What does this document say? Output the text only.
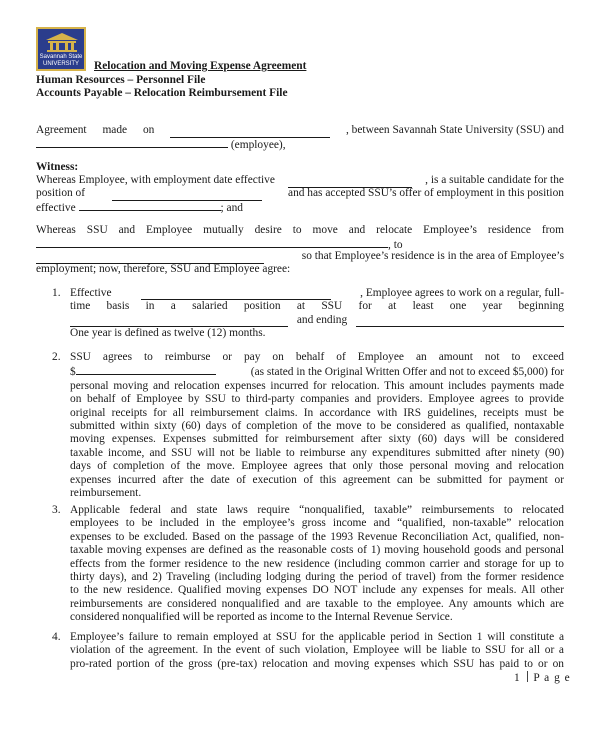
Savannah State
UNIVERSITY	Relocation and Moving Expense Agreement
Human Resources – Personnel File
Accounts Payable – Relocation Reimbursement File
Agreement made on	, between Savannah State University (SSU) and
(employee),
Witness:
Whereas Employee, with employment date effective	, is a suitable candidate for the
position of	and has accepted SSU’s offer of employment in this position
effective	; and
Whereas SSU and Employee mutually desire to move and relocate Employee’s residence from
, to
so that Employee’s residence is in the area of Employee’s
employment; now, therefore, SSU and Employee agree:
1. Effective	, Employee agrees to work on a regular, full-
time basis in a salaried position at SSU for at least one year beginning
and ending
One year is defined as twelve (12) months.
2. SSU agrees to reimburse or pay on behalf of Employee an amount not to exceed
$	(as stated in the Original Written Offer and not to exceed $5,000) for
personal moving and relocation expenses incurred for relocation. This amount includes payments made
on behalf of Employee by SSU to third-party companies and providers. Employee agrees to provide
original receipts for all reimbursement claims. In accordance with IRS guidelines, receipts must be
submitted within sixty (60) days of completion of the move to be considered as qualified, nontaxable
moving expenses. Expenses submitted for reimbursement after sixty (60) days will be considered
taxable income, and SSU will not be liable to reimburse any expenditures submitted after ninety (90)
days of completion of the move. Employee agrees that only those personal moving and relocation
expenses incurred after the date of execution of this agreement can be submitted for payment or
reimbursement.
3. Applicable federal and state laws require “nonqualified, taxable” reimbursements to relocated
employees to be included in the employee’s gross income and “qualified, non-taxable” relocation
expenses to be excluded. Based on the passage of the 1993 Revenue Reconciliation Act, qualified, non-
taxable moving expenses are defined as the reasonable costs of 1) moving household goods and personal
effects from the former residence to the new residence (including common carrier and storage for up to
thirty days), and 2) Traveling (including lodging during the period of travel) from the former residence
to the new residence. Qualified moving expenses DO NOT include any expenses for meals. All other
reimbursements are considered nonqualified and are taxable to the employee. Any amounts which are
considered nonqualified will be reported as income to the Internal Revenue Service.
4. Employee’s failure to remain employed at SSU for the applicable period in Section 1 will constitute a
violation of the agreement. In the event of such violation, Employee will be liable to SSU for all or a
pro-rated portion of the gross (pre-tax) relocation and moving expenses which SSU has paid to or on
1 P a g e
